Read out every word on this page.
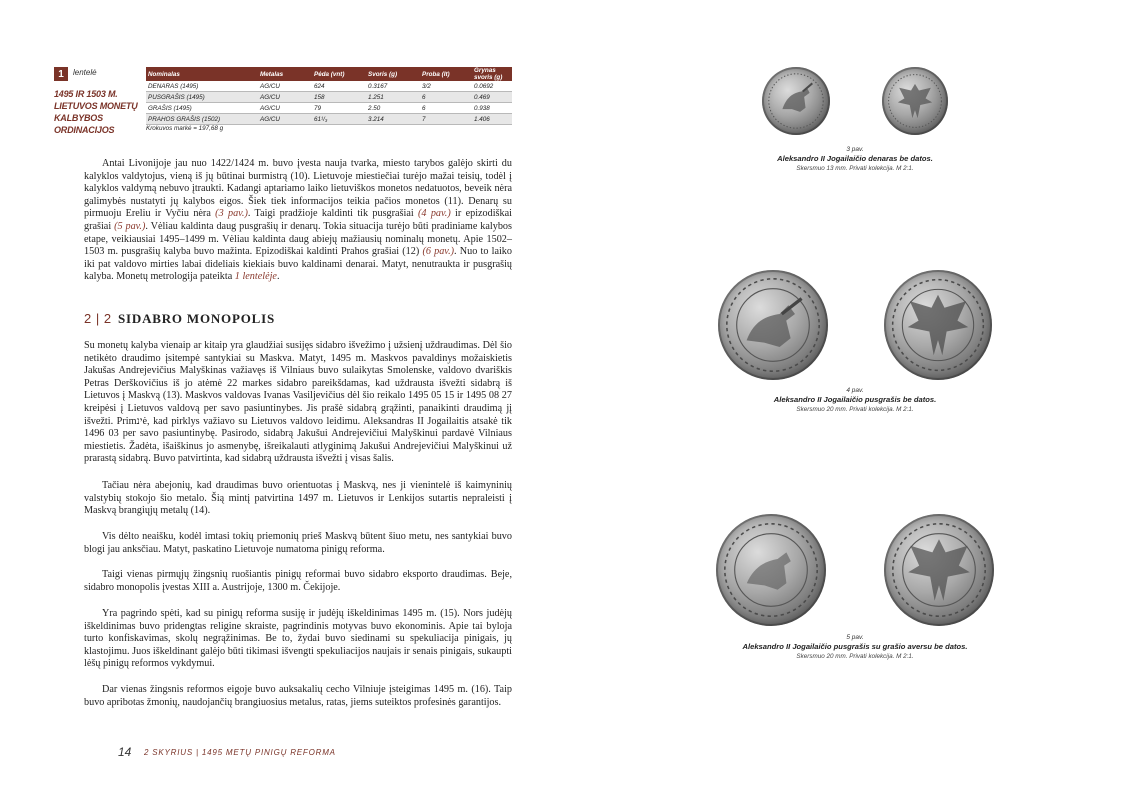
1	lentelė
1495 IR 1503 M. LIETUVOS MONETŲ KALBYBOS ORDINACIJOS
Nominalas	Metalas	Pėda (vnt)	Svoris (g)	Proba (lt)	Grynas svoris (g)
DENARAS (1495)	AG/CU	624	0.3167	3/2	0.0692
PUSGRAŠIS (1495)	AG/CU	158	1.251	6	0.469
GRAŠIS (1495)	AG/CU	79	2.50	6	0.938
PRAHOS GRAŠIS (1502)	AG/CU	61¹/₃	3.214	7	1.406
Krokuvos markė = 197,68 g

Antai Livonijoje jau nuo 1422/1424 m. buvo įvesta nauja tvarka, miesto tarybos galėjo skirti du kalyklos valdytojus, vieną iš jų būtinai burmistrą (10). Lietuvoje miestiečiai turėjo mažai teisių, todėl į kalyklos valdymą nebuvo įtraukti. Kadangi aptariamo laiko lietuviškos monetos nedatuotos, beveik nėra galimybės nustatyti jų kalybos eigos. Šiek tiek informacijos teikia pačios monetos (11). Denarų su pirmuoju Ereliu ir Vyčiu nėra (3 pav.). Taigi pradžioje kaldinti tik pusgrašiai (4 pav.) ir epizodiškai grašiai (5 pav.). Vėliau kaldinta daug pusgrašių ir denarų. Tokia situacija turėjo būti pradiniame kalybos etape, veikiausiai 1495–1499 m. Vėliau kaldinta daug abiejų mažiausių nominalų monetų. Apie 1502–1503 m. pusgrašių kalyba buvo mažinta. Epizodiškai kaldinti Prahos grašiai (12) (6 pav.). Nuo to laiko iki pat valdovo mirties labai dideliais kiekiais buvo kaldinami denarai. Matyt, nenutraukta ir pusgrašių kalyba. Monetų metrologija pateikta 1 lentelėje.

2 | 2 SIDABRO MONOPOLIS

Su monetų kalyba vienaip ar kitaip yra glaudžiai susijęs sidabro išvežimo į užsienį uždraudimas. Dėl šio netikėto draudimo įsitempė santykiai su Maskva. Matyt, 1495 m. Maskvos pavaldinys možaiskietis Jakušas Andrejevičius Malyškinas važiavęs iš Vilniaus buvo sulaikytas Smolenske, valdovo dvariškis Petras Derškovičius iš jo atėmė 22 markes sidabro pareikšdamas, kad uždrausta išvežti sidabrą iš Lietuvos į Maskvą (13). Maskvos valdovas Ivanas Vasiljevičius dėl šio reikalo 1495 05 15 ir 1495 08 27 kreipėsi į Lietuvos valdovą per savo pasiuntinybes. Jis prašė sidabrą grąžinti, panaikinti draudimą jį išvežti. Primינė, kad pirklys važiavo su Lietuvos valdovo leidimu. Aleksandras II Jogailaitis atsakė tik 1496 03 per savo pasiuntinybę. Pasirodo, sidabrą Jakušui Andrejevičiui Malyškinui pardavė Vilniaus miestietis. Žadėta, išaiškinus jo asmenybę, išreikalauti atlyginimą Jakušui Andrejevičiui Malyškinui už prarastą sidabrą. Buvo patvirtinta, kad sidabrą uždrausta išvežti į visas šalis.

Tačiau nėra abejonių, kad draudimas buvo orientuotas į Maskvą, nes ji vienintelė iš kaimyninių valstybių stokojo šio metalo. Šią mintį patvirtina 1497 m. Lietuvos ir Lenkijos sutartis nepraleisti į Maskvą brangiųjų metalų (14).

Vis dėlto neaišku, kodėl imtasi tokių priemonių prieš Maskvą būtent šiuo metu, nes santykiai buvo blogi jau anksčiau. Matyt, paskatino Lietuvoje numatoma pinigų reforma.

Taigi vienas pirmųjų žingsnių ruošiantis pinigų reformai buvo sidabro eksporto draudimas. Beje, sidabro monopolis įvestas XIII a. Austrijoje, 1300 m. Čekijoje.

Yra pagrindo spėti, kad su pinigų reforma susiję ir judėjų iškeldinimas 1495 m. (15). Nors judėjų iškeldinimas buvo pridengtas religine skraiste, pagrindinis motyvas buvo ekonominis. Apie tai byloja turto konfiskavimas, skolų negrąžinimas. Be to, žydai buvo siedinami su spekuliacija pinigais, jų klastojimu. Juos iškeldinant galėjo būti tikimasi išvengti spekuliacijos naujais ir senais pinigais, sukaupti lėšų pinigų reformos vykdymui.

Dar vienas žingsnis reformos eigoje buvo auksakalių cecho Vilniuje įsteigimas 1495 m. (16). Taip buvo apribotas žmonių, naudojančių brangiuosius metalus, ratas, jiems suteiktos profesinės garantijos.

14 2 SKYRIUS | 1495 METŲ PINIGŲ REFORMA
3 pav.
Aleksandro II Jogailaičio denaras be datos.
Skersmuo 13 mm. Privati kolekcija. M 2:1.
4 pav.
Aleksandro II Jogailaičio pusgrašis be datos.
Skersmuo 20 mm. Privati kolekcija. M 2:1.
5 pav.
Aleksandro II Jogailaičio pusgrašis su grašio aversu be datos.
Skersmuo 20 mm. Privati kolekcija. M 2:1.
